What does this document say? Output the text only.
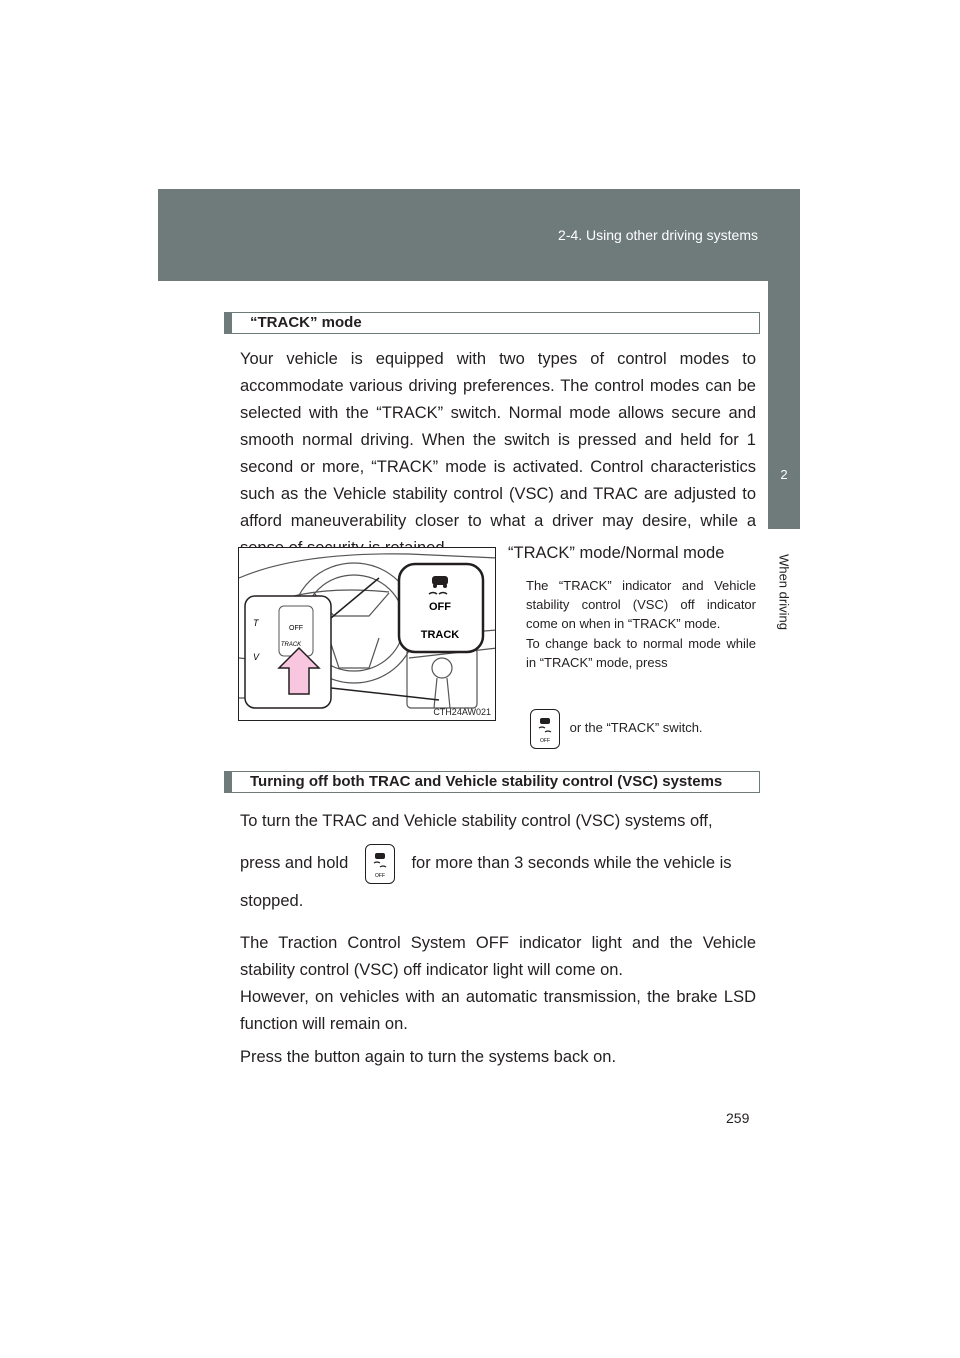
2-4. Using other driving systems
2
When driving
“TRACK” mode
Your vehicle is equipped with two types of control modes to accommodate various driving preferences. The control modes can be selected with the “TRACK” switch. Normal mode allows secure and smooth normal driving. When the switch is pressed and held for 1 second or more, “TRACK” mode is activated. Control characteristics such as the Vehicle stability control (VSC) and TRAC are adjusted to afford maneuverability closer to what a driver may desire, while a
OFF
TRACK
T
V
OFF
TRACK
CTH24AW021
“TRACK” mode/Normal mode
The “TRACK” indicator and Vehicle stability control (VSC) off indicator come on when in “TRACK” mode.
To change back to normal mode while in “TRACK” mode, press
OFF
or the “TRACK” switch.
Turning off both TRAC and Vehicle stability control (VSC) systems
To turn the TRAC and Vehicle stability control (VSC) systems off,
press and hold
OFF
for more than 3 seconds while the vehicle is
stopped.
The Traction Control System OFF indicator light and the Vehicle stability control (VSC) off indicator light will come on.
However, on vehicles with an automatic transmission, the brake LSD function will remain on.
Press the button again to turn the systems back on.
259
